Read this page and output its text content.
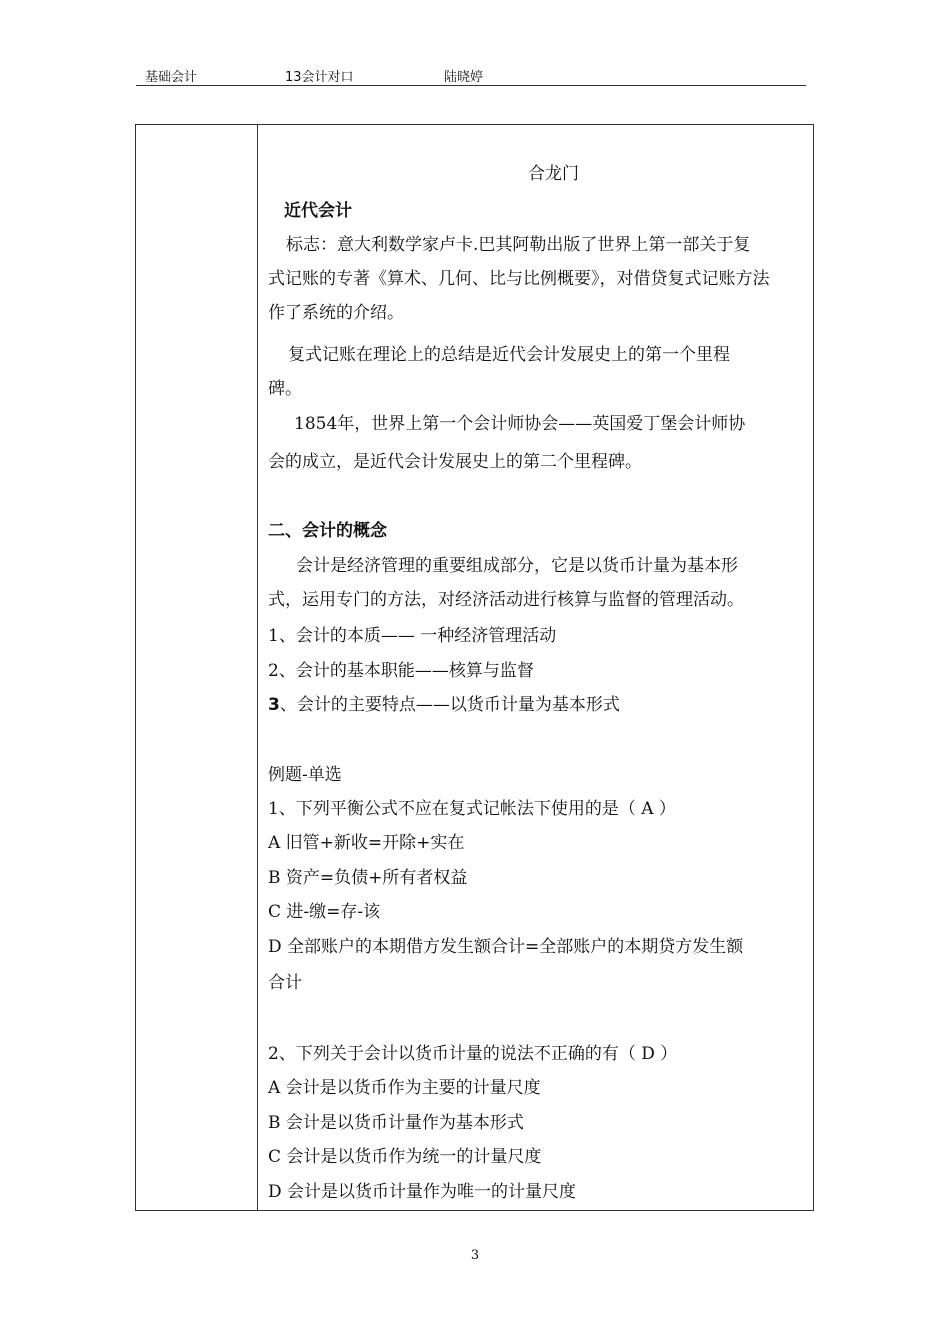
基础会计	13会计对口	陆晓婷
合龙门
近代会计
标志：意大利数学家卢卡.巴其阿勒出版了世界上第一部关于复
式记账的专著《算术、几何、比与比例概要》，对借贷复式记账方法
作了系统的介绍。
复式记账在理论上的总结是近代会计发展史上的第一个里程
碑。
1854年，世界上第一个会计师协会——英国爱丁堡会计师协
会的成立，是近代会计发展史上的第二个里程碑。
二、会计的概念
会计是经济管理的重要组成部分，它是以货币计量为基本形
式，运用专门的方法，对经济活动进行核算与监督的管理活动。
1、会计的本质—— 一种经济管理活动
2、会计的基本职能——核算与监督
3、会计的主要特点——以货币计量为基本形式
例题-单选
1、下列平衡公式不应在复式记帐法下使用的是（ A ）
A 旧管+新收=开除+实在
B 资产=负债+所有者权益
C 进-缴=存-该
D 全部账户的本期借方发生额合计=全部账户的本期贷方发生额
合计
2、下列关于会计以货币计量的说法不正确的有（ D ）
A 会计是以货币作为主要的计量尺度
B 会计是以货币计量作为基本形式
C 会计是以货币作为统一的计量尺度
D 会计是以货币计量作为唯一的计量尺度
3
